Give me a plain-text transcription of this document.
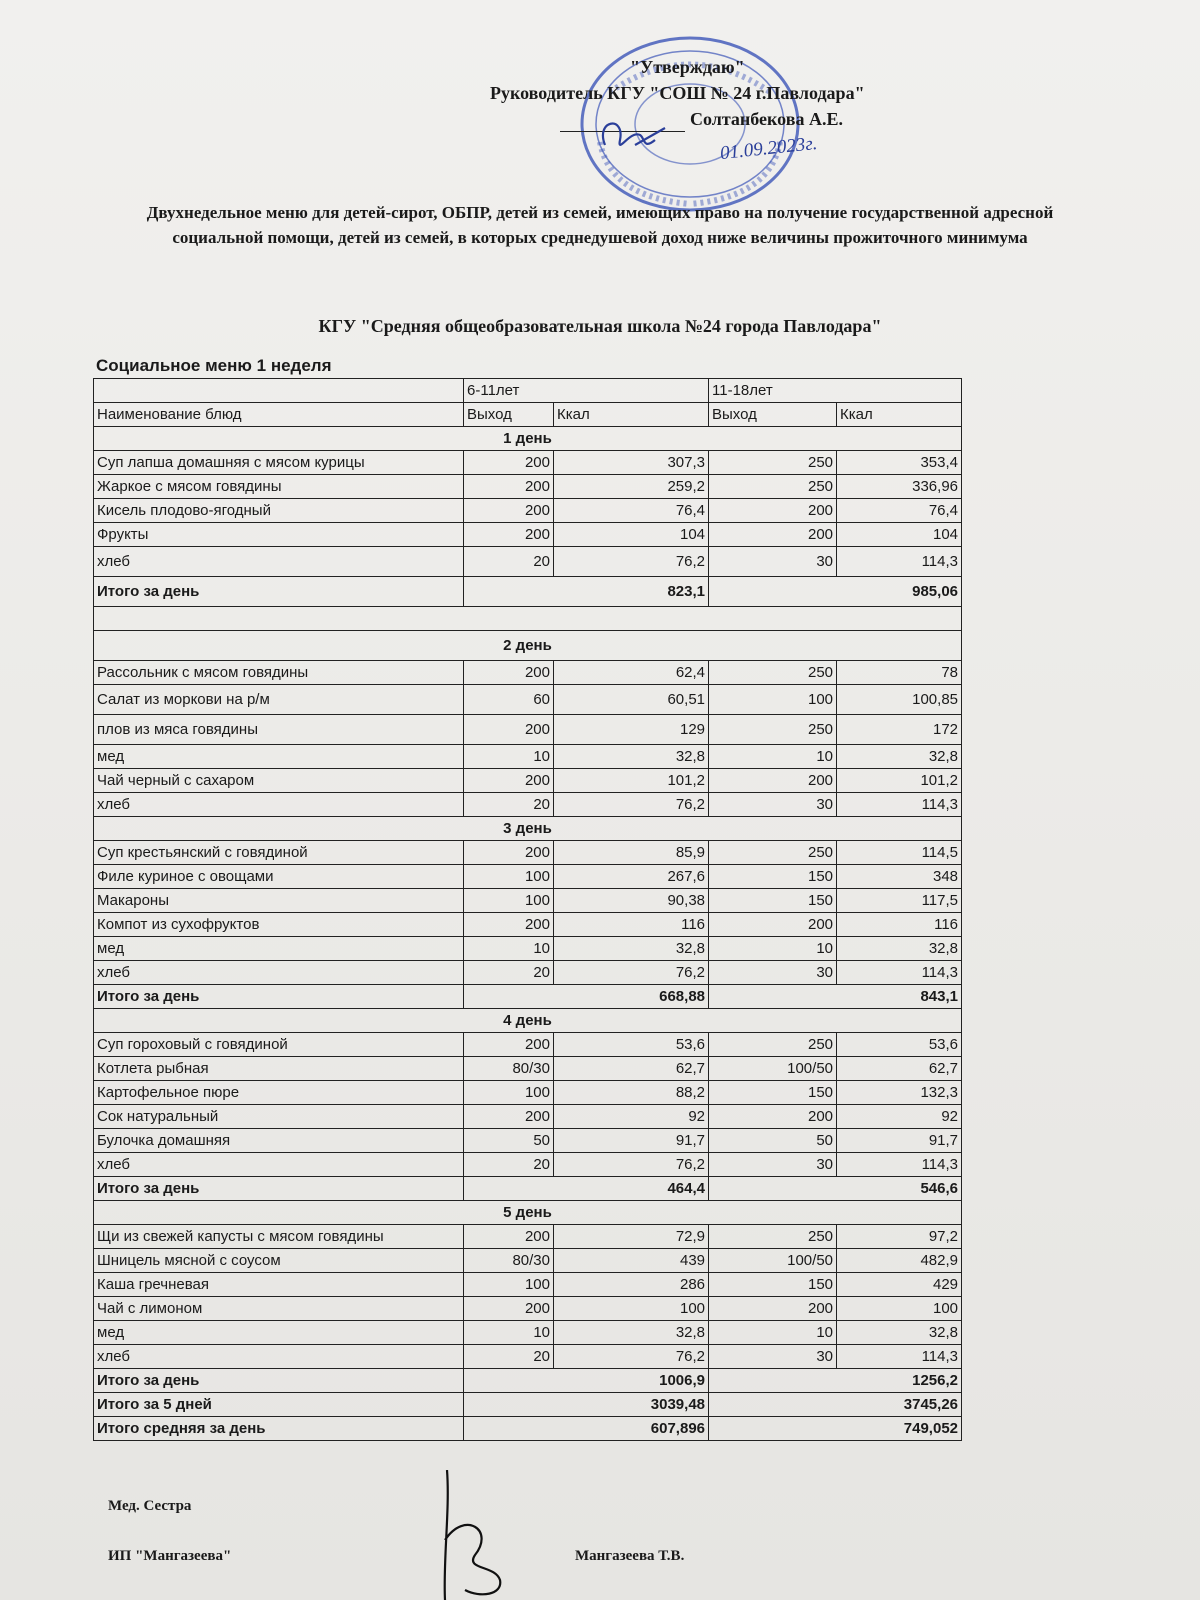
"Утверждаю"
Руководитель КГУ "СОШ № 24 г.Павлодара"
Солтанбекова А.Е.
01.09.2023г.
Двухнедельное меню для детей-сирот, ОБПР, детей из семей, имеющих право на получение государственной адресной социальной помощи, детей из семей, в которых среднедушевой доход ниже величины прожиточного минимума
КГУ "Средняя общеобразовательная школа №24 города Павлодара"
Социальное меню 1 неделя
	6-11лет		11-18лет	
Наименование блюд	Выход	Ккал	Выход	Ккал
1 день				
Суп лапша домашняя с мясом курицы	200	307,3	250	353,4
Жаркое с мясом говядины	200	259,2	250	336,96
Кисель плодово-ягодный	200	76,4	200	76,4
Фрукты	200	104	200	104
хлеб	20	76,2	30	114,3
Итого за день	823,1		985,06	

2 день				
Рассольник с мясом говядины	200	62,4	250	78
Салат из моркови на р/м	60	60,51	100	100,85
плов из мяса говядины	200	129	250	172
мед	10	32,8	10	32,8
Чай черный с сахаром	200	101,2	200	101,2
хлеб	20	76,2	30	114,3
3 день				
Суп крестьянский с говядиной	200	85,9	250	114,5
Филе куриное с овощами	100	267,6	150	348
Макароны	100	90,38	150	117,5
Компот из сухофруктов	200	116	200	116
мед	10	32,8	10	32,8
хлеб	20	76,2	30	114,3
Итого за день	668,88		843,1	
4 день				
Суп гороховый с говядиной	200	53,6	250	53,6
Котлета рыбная	80/30	62,7	100/50	62,7
Картофельное пюре	100	88,2	150	132,3
Сок натуральный	200	92	200	92
Булочка домашняя	50	91,7	50	91,7
хлеб	20	76,2	30	114,3
Итого за день	464,4		546,6	
5 день				
Щи из свежей капусты с мясом говядины	200	72,9	250	97,2
Шницель мясной с соусом	80/30	439	100/50	482,9
Каша гречневая	100	286	150	429
Чай с лимоном	200	100	200	100
мед	10	32,8	10	32,8
хлеб	20	76,2	30	114,3
Итого за день	1006,9		1256,2	
Итого за 5 дней	3039,48		3745,26	
Итого средняя за день	607,896		749,052	
Мед. Сестра
ИП "Мангазеева"	Мангазеева Т.В.
